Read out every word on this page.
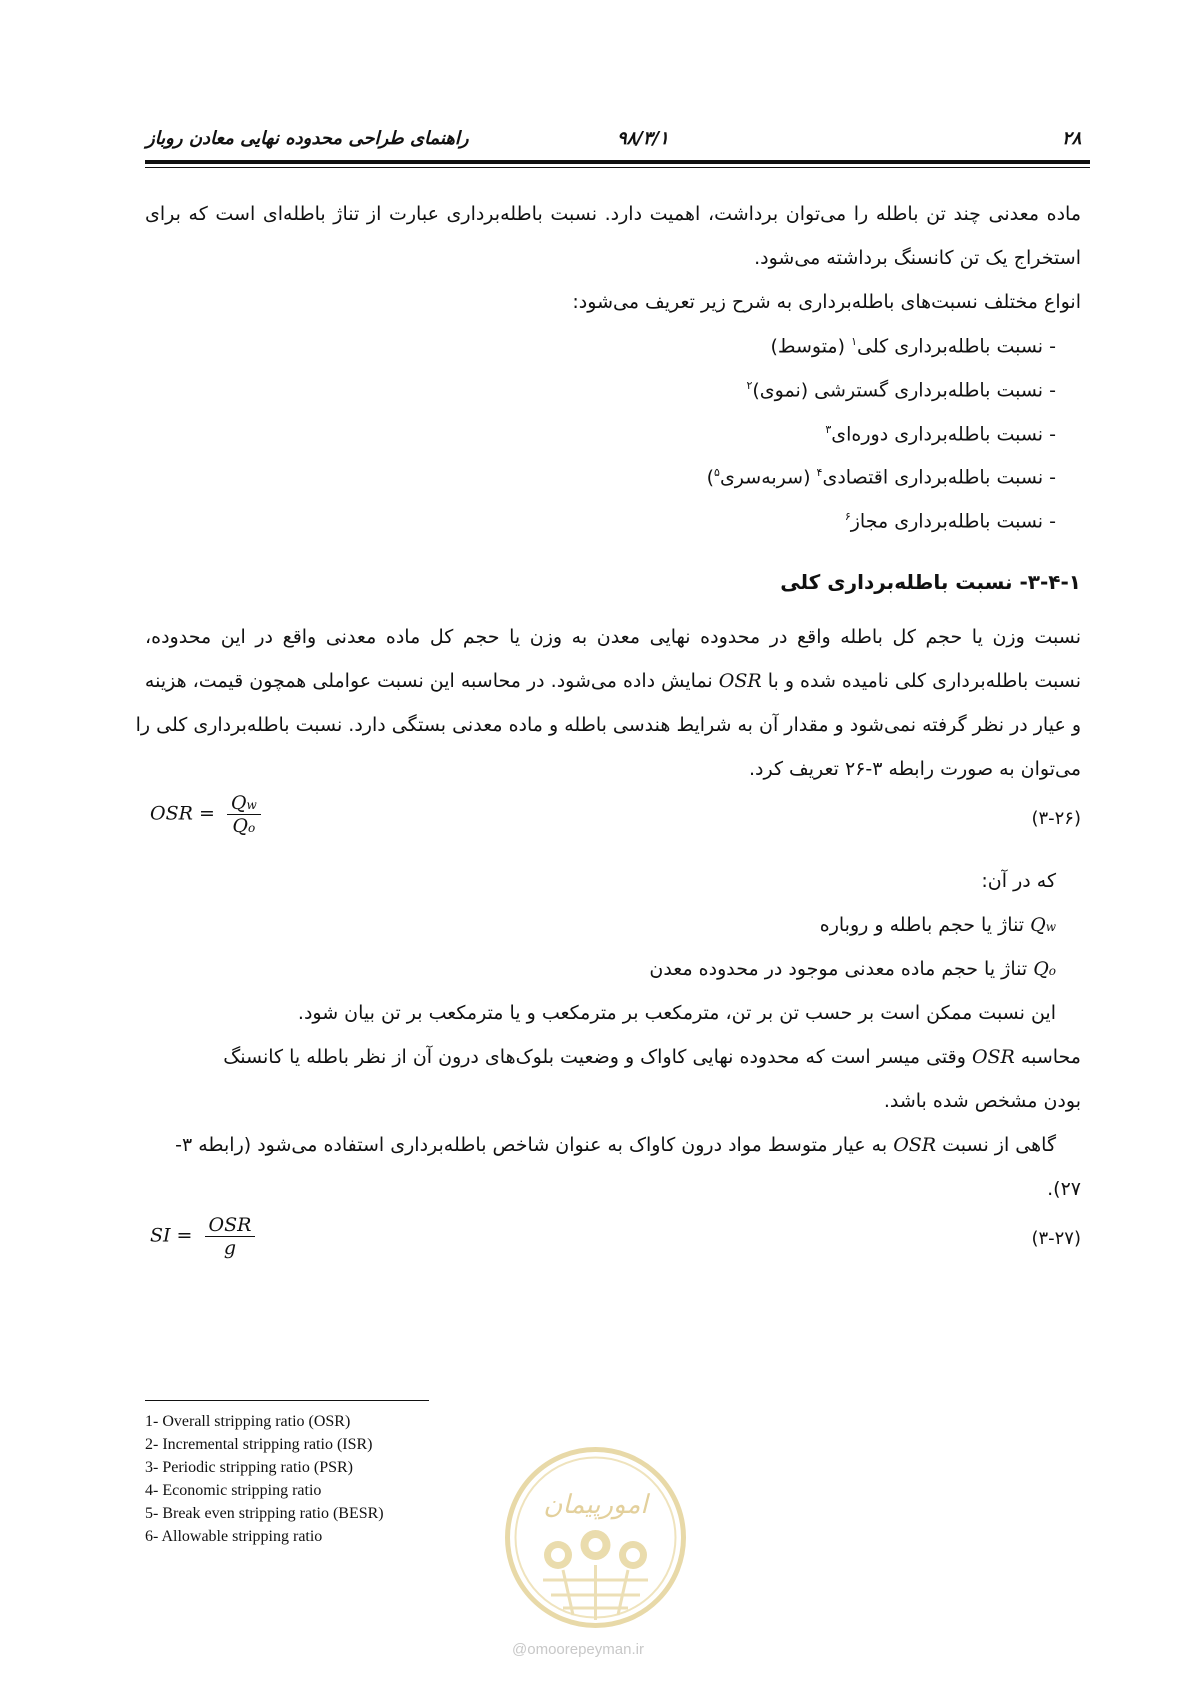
۲۸
۹۸/۳/۱
راهنمای طراحی محدوده نهایی معادن روباز
ماده معدنی چند تن باطله را می‌توان برداشت، اهمیت دارد. نسبت باطله‌برداری عبارت از تناژ باطله‌ای است که برای
استخراج یک تن کانسنگ برداشته می‌شود.
انواع مختلف نسبت‌های باطله‌برداری به شرح زیر تعریف می‌شود:
- نسبت باطله‌برداری کلی$^۱$ (متوسط)
- نسبت باطله‌برداری گسترشی (نموی)$^۲$
- نسبت باطله‌برداری دوره‌ای$^۳$
- نسبت باطله‌برداری اقتصادی$^۴$ (سربه‌سری$^۵$)
- نسبت باطله‌برداری مجاز$^۶$
۳-۴-۱- نسبت باطله‌برداری کلی
نسبت وزن یا حجم کل باطله واقع در محدوده نهایی معدن به وزن یا حجم کل ماده معدنی واقع در این محدوده،
نسبت باطله‌برداری کلی نامیده شده و با OSR نمایش داده می‌شود. در محاسبه این نسبت عواملی همچون قیمت، هزینه
و عیار در نظر گرفته نمی‌شود و مقدار آن به شرایط هندسی باطله و ماده معدنی بستگی دارد. نسبت باطله‌برداری کلی را
می‌توان به صورت رابطه ۳-۲۶ تعریف کرد.
OSR = $\frac{Qw}{Qo}$	(۳-۲۶)
که در آن:
Qw تناژ یا حجم باطله و روباره
Qo تناژ یا حجم ماده معدنی موجود در محدوده معدن
این نسبت ممکن است بر حسب تن بر تن، مترمکعب بر مترمکعب و یا مترمکعب بر تن بیان شود.
محاسبه OSR وقتی میسر است که محدوده نهایی کاواک و وضعیت بلوک‌های درون آن از نظر باطله یا کانسنگ
بودن مشخص شده باشد.
گاهی از نسبت OSR به عیار متوسط مواد درون کاواک به عنوان شاخص باطله‌برداری استفاده می‌شود (رابطه ۳-
۲۷).
SI = $\frac{\text{OSR}}{g}$	(۳-۲۷)
1- Overall stripping ratio (OSR)
2- Incremental stripping ratio (ISR)
3- Periodic stripping ratio (PSR)
4- Economic stripping ratio
5- Break even stripping ratio (BESR)
6- Allowable stripping ratio
امورپیمان
@omoorepeyman.ir
